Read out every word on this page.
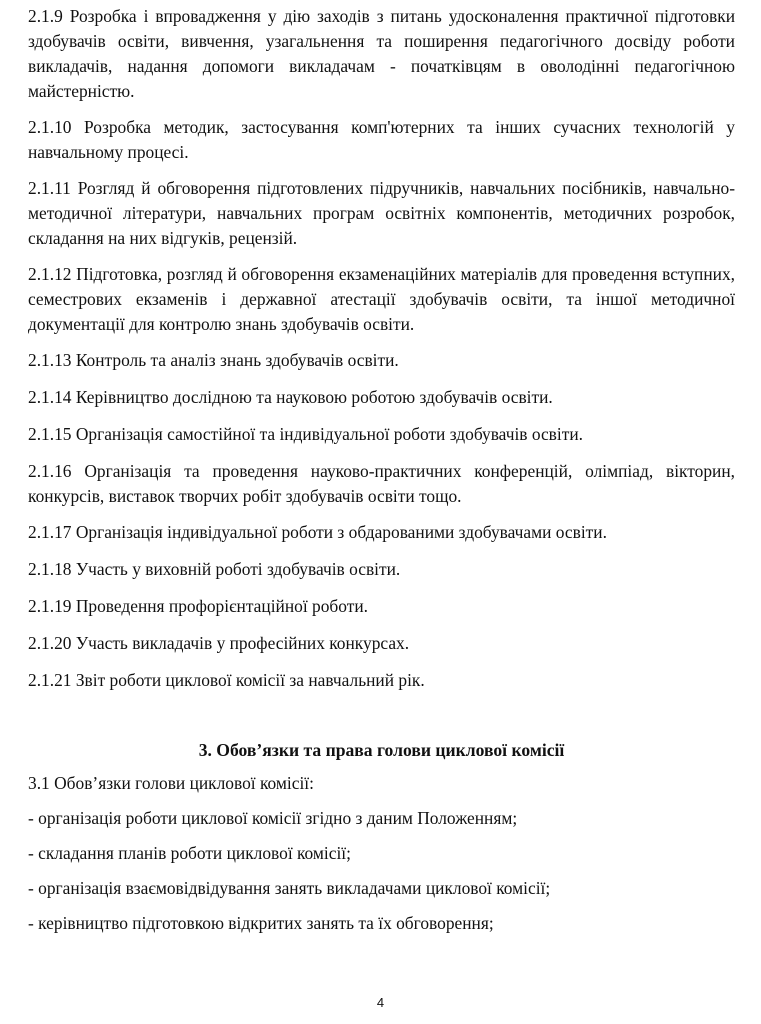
2.1.9 Розробка і впровадження у дію заходів з питань удосконалення практичної підготовки здобувачів освіти, вивчення, узагальнення та поширення педагогічного досвіду роботи викладачів, надання допомоги викладачам - початківцям в оволодінні педагогічною майстерністю.

2.1.10 Розробка методик, застосування комп'ютерних та інших сучасних технологій у навчальному процесі.

2.1.11 Розгляд й обговорення підготовлених підручників, навчальних посібників, навчально-методичної літератури, навчальних програм освітніх компонентів, методичних розробок, складання на них відгуків, рецензій.

2.1.12 Підготовка, розгляд й обговорення екзаменаційних матеріалів для проведення вступних, семестрових екзаменів і державної атестації здобувачів освіти, та іншої методичної документації для контролю знань здобувачів освіти.

2.1.13 Контроль та аналіз знань здобувачів освіти.

2.1.14 Керівництво дослідною та науковою роботою здобувачів освіти.

2.1.15 Організація самостійної та індивідуальної роботи здобувачів освіти.

2.1.16 Організація та проведення науково-практичних конференцій, олімпіад, вікторин, конкурсів, виставок творчих робіт здобувачів освіти тощо.

2.1.17 Організація індивідуальної роботи з обдарованими здобувачами освіти.

2.1.18 Участь у виховній роботі здобувачів освіти.

2.1.19 Проведення профорієнтаційної роботи.

2.1.20 Участь викладачів у професійних конкурсах.

2.1.21 Звіт роботи циклової комісії за навчальний рік.

3. Обов’язки та права голови циклової комісії
3.1 Обов’язки голови циклової комісії:
- організація роботи циклової комісії згідно з даним Положенням;
- складання планів роботи циклової комісії;
- організація взаємовідвідування занять викладачами циклової комісії;
- керівництво підготовкою відкритих занять та їх обговорення;
4
